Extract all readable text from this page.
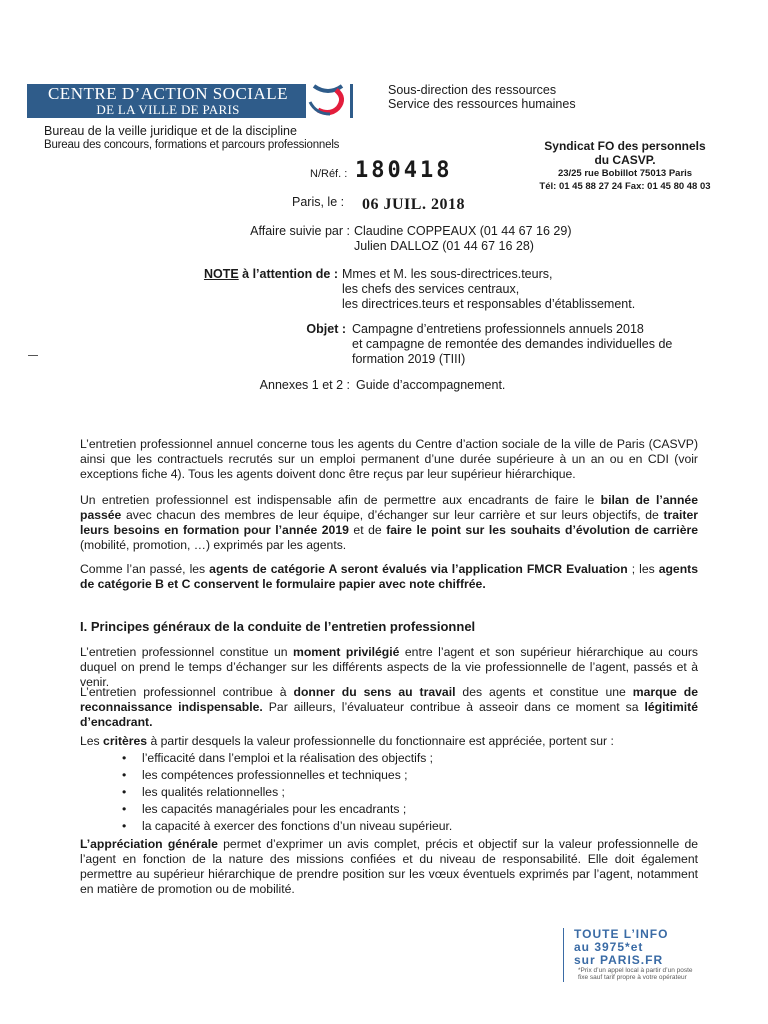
CENTRE D’ACTION SOCIALE
DE LA VILLE DE PARIS
Sous-direction des ressources
Service des ressources humaines
Bureau de la veille juridique et de la discipline
Bureau des concours, formations et parcours professionnels	Syndicat FO des personnels
du CASVP.
23/25 rue Bobillot 75013 Paris
Tél: 01 45 88 27 24 Fax: 01 45 80 48 03
N/Réf. : 180418
Paris, le : 06 JUIL. 2018
Affaire suivie par : Claudine COPPEAUX (01 44 67 16 29)
Julien DALLOZ (01 44 67 16 28)
NOTE à l’attention de : Mmes et M. les sous-directrices.teurs,
les chefs des services centraux,
les directrices.teurs et responsables d’établissement.
Objet : Campagne d’entretiens professionnels annuels 2018
et campagne de remontée des demandes individuelles de
formation 2019 (TIII)
Annexes 1 et 2 : Guide d’accompagnement.
L’entretien professionnel annuel concerne tous les agents du Centre d’action sociale de la ville de Paris (CASVP) ainsi que les contractuels recrutés sur un emploi permanent d’une durée supérieure à un an ou en CDI (voir exceptions fiche 4). Tous les agents doivent donc être reçus par leur supérieur hiérarchique.
Un entretien professionnel est indispensable afin de permettre aux encadrants de faire le bilan de l’année passée avec chacun des membres de leur équipe, d’échanger sur leur carrière et sur leurs objectifs, de traiter leurs besoins en formation pour l’année 2019 et de faire le point sur les souhaits d’évolution de carrière (mobilité, promotion, …) exprimés par les agents.
Comme l’an passé, les agents de catégorie A seront évalués via l’application FMCR Evaluation ; les agents de catégorie B et C conservent le formulaire papier avec note chiffrée.
I. Principes généraux de la conduite de l’entretien professionnel
L’entretien professionnel constitue un moment privilégié entre l’agent et son supérieur hiérarchique au cours duquel on prend le temps d’échanger sur les différents aspects de la vie professionnelle de l’agent, passés et à venir.
L’entretien professionnel contribue à donner du sens au travail des agents et constitue une marque de reconnaissance indispensable. Par ailleurs, l’évaluateur contribue à asseoir dans ce moment sa légitimité d’encadrant.
Les critères à partir desquels la valeur professionnelle du fonctionnaire est appréciée, portent sur :
• l’efficacité dans l’emploi et la réalisation des objectifs ;
• les compétences professionnelles et techniques ;
• les qualités relationnelles ;
• les capacités managériales pour les encadrants ;
• la capacité à exercer des fonctions d’un niveau supérieur.
L’appréciation générale permet d’exprimer un avis complet, précis et objectif sur la valeur professionnelle de l’agent en fonction de la nature des missions confiées et du niveau de responsabilité. Elle doit également permettre au supérieur hiérarchique de prendre position sur les vœux éventuels exprimés par l’agent, notamment en matière de promotion ou de mobilité.
TOUTE L’INFO
au 3975*et
sur PARIS.FR
*Prix d’un appel local à partir d’un poste fixe sauf tarif propre à votre opérateur
